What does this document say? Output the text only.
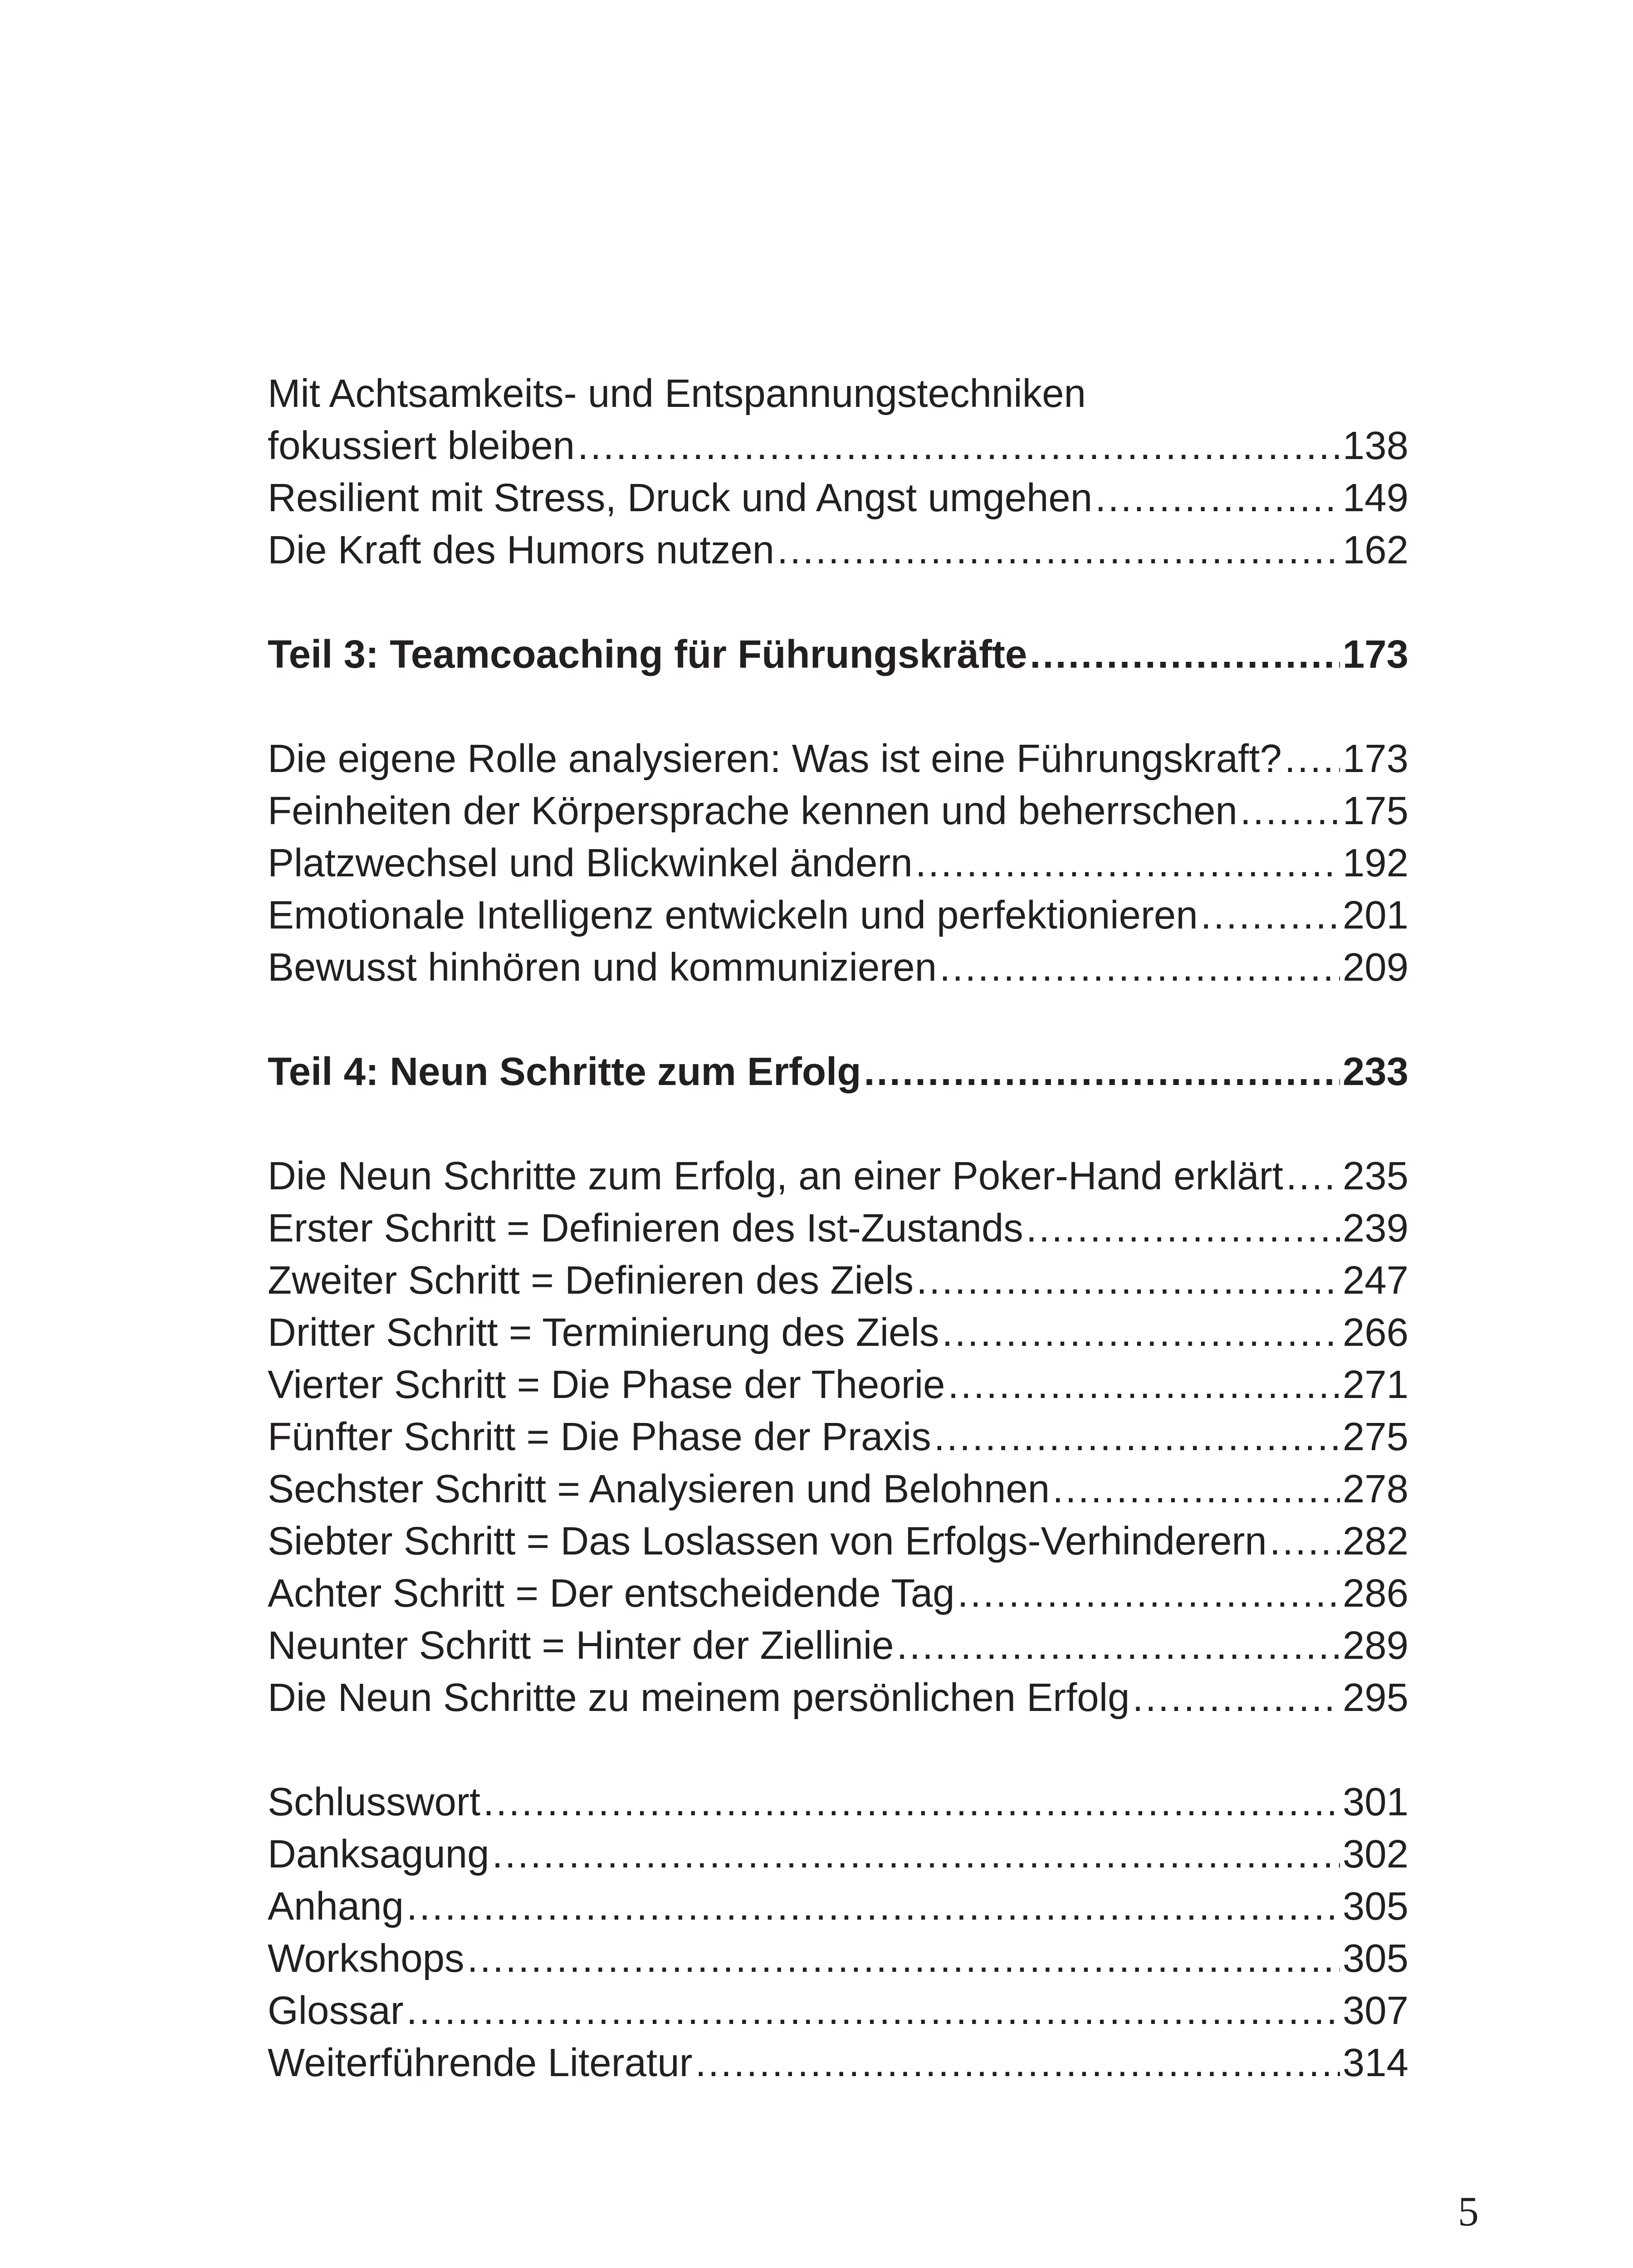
Mit Achtsamkeits- und Entspannungstechniken
fokussiert bleiben .....	138
Resilient mit Stress, Druck und Angst umgehen .....	149
Die Kraft des Humors nutzen .....	162
Teil 3: Teamcoaching für Führungskräfte .....	173
Die eigene Rolle analysieren: Was ist eine Führungskraft? ..... 173
Feinheiten der Körpersprache kennen und beherrschen .....	175
Platzwechsel und Blickwinkel ändern .....	192
Emotionale Intelligenz entwickeln und perfektionieren .....	201
Bewusst hinhören und kommunizieren .....	209
Teil 4: Neun Schritte zum Erfolg .....	233
Die Neun Schritte zum Erfolg, an einer Poker-Hand erklärt ..... 235
Erster Schritt = Definieren des Ist-Zustands .....	239
Zweiter Schritt = Definieren des Ziels .....	247
Dritter Schritt = Terminierung des Ziels .....	266
Vierter Schritt = Die Phase der Theorie .....	271
Fünfter Schritt = Die Phase der Praxis .....	275
Sechster Schritt = Analysieren und Belohnen .....	278
Siebter Schritt = Das Loslassen von Erfolgs-Verhinderern ..... 282
Achter Schritt = Der entscheidende Tag .....	286
Neunter Schritt = Hinter der Ziellinie .....	289
Die Neun Schritte zu meinem persönlichen Erfolg .....	295
Schlusswort .....	301
Danksagung .....	302
Anhang .....	305
Workshops .....	305
Glossar .....	307
Weiterführende Literatur .....	314
5
